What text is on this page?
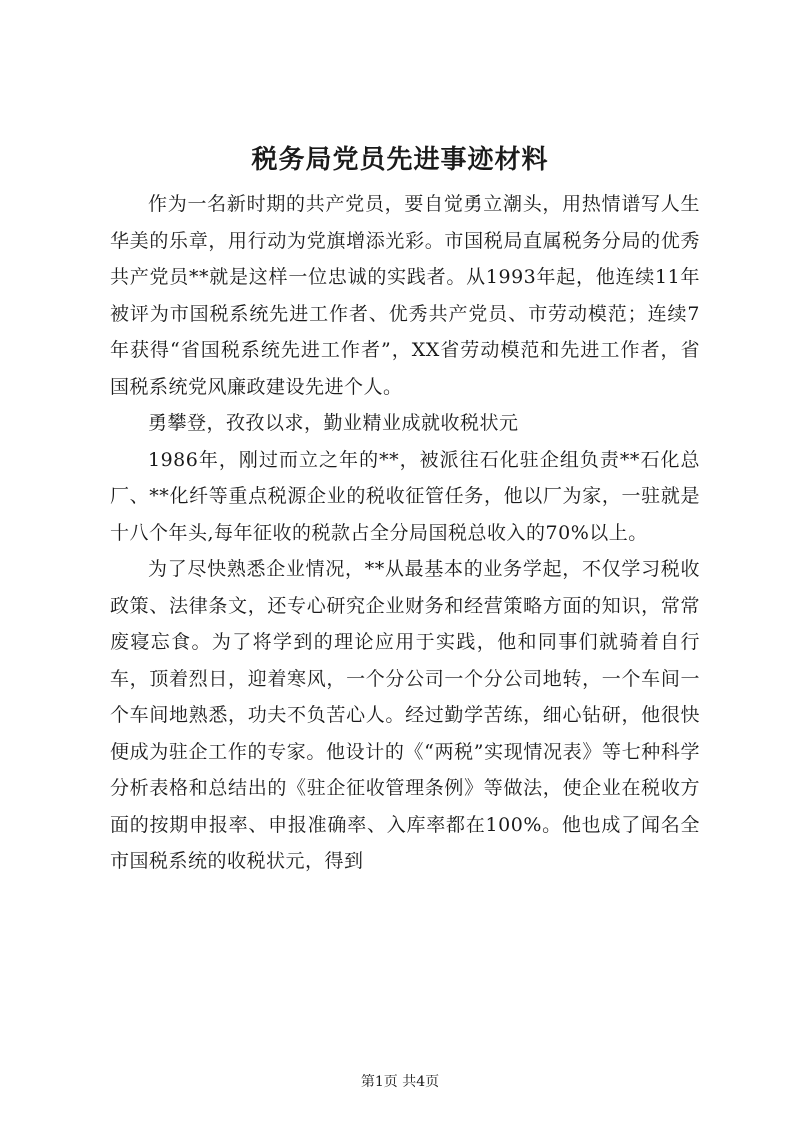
税务局党员先进事迹材料

作为一名新时期的共产党员，要自觉勇立潮头，用热情谱写人生华美的乐章，用行动为党旗增添光彩。市国税局直属税务分局的优秀共产党员**就是这样一位忠诚的实践者。从1993年起，他连续11年被评为市国税系统先进工作者、优秀共产党员、市劳动模范；连续7年获得“省国税系统先进工作者”，XX省劳动模范和先进工作者，省国税系统党风廉政建设先进个人。

勇攀登，孜孜以求，勤业精业成就收税状元

1986年，刚过而立之年的**，被派往石化驻企组负责**石化总厂、**化纤等重点税源企业的税收征管任务，他以厂为家，一驻就是十八个年头,每年征收的税款占全分局国税总收入的70%以上。

为了尽快熟悉企业情况，**从最基本的业务学起，不仅学习税收政策、法律条文，还专心研究企业财务和经营策略方面的知识，常常废寝忘食。为了将学到的理论应用于实践，他和同事们就骑着自行车，顶着烈日，迎着寒风，一个分公司一个分公司地转，一个车间一个车间地熟悉，功夫不负苦心人。经过勤学苦练，细心钻研，他很快便成为驻企工作的专家。他设计的《“两税”实现情况表》等七种科学分析表格和总结出的《驻企征收管理条例》等做法，使企业在税收方面的按期申报率、申报准确率、入库率都在100%。他也成了闻名全市国税系统的收税状元，得到

第1页 共4页
